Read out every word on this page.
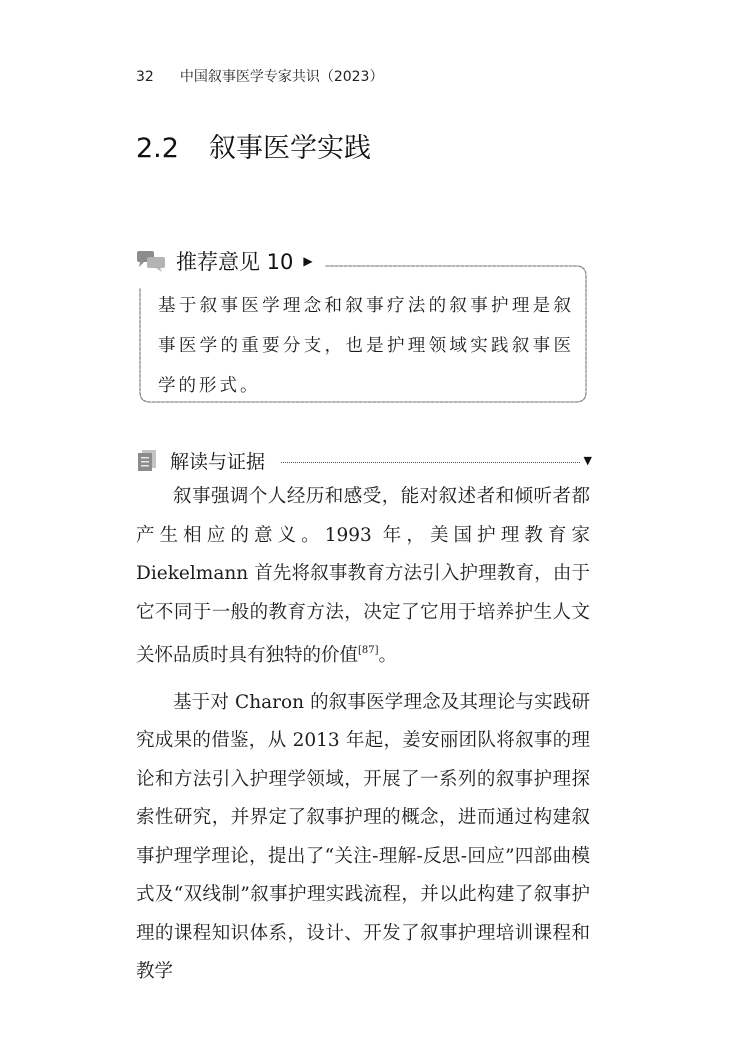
32 中国叙事医学专家共识（2023）
2.2 叙事医学实践
基于叙事医学理念和叙事疗法的叙事护理是叙事医学的重要分支，也是护理领域实践叙事医学的形式。
推荐意见 10 ▶
解读与证据	▼

叙事强调个人经历和感受，能对叙述者和倾听者都产生相应的意义。1993 年，美国护理教育家 Diekelmann 首先将叙事教育方法引入护理教育，由于它不同于一般的教育方法，决定了它用于培养护生人文关怀品质时具有独特的价值[87]。

基于对 Charon 的叙事医学理念及其理论与实践研究成果的借鉴，从 2013 年起，姜安丽团队将叙事的理论和方法引入护理学领域，开展了一系列的叙事护理探索性研究，并界定了叙事护理的概念，进而通过构建叙事护理学理论，提出了“关注-理解-反思-回应”四部曲模式及“双线制”叙事护理实践流程，并以此构建了叙事护理的课程知识体系，设计、开发了叙事护理培训课程和教学
